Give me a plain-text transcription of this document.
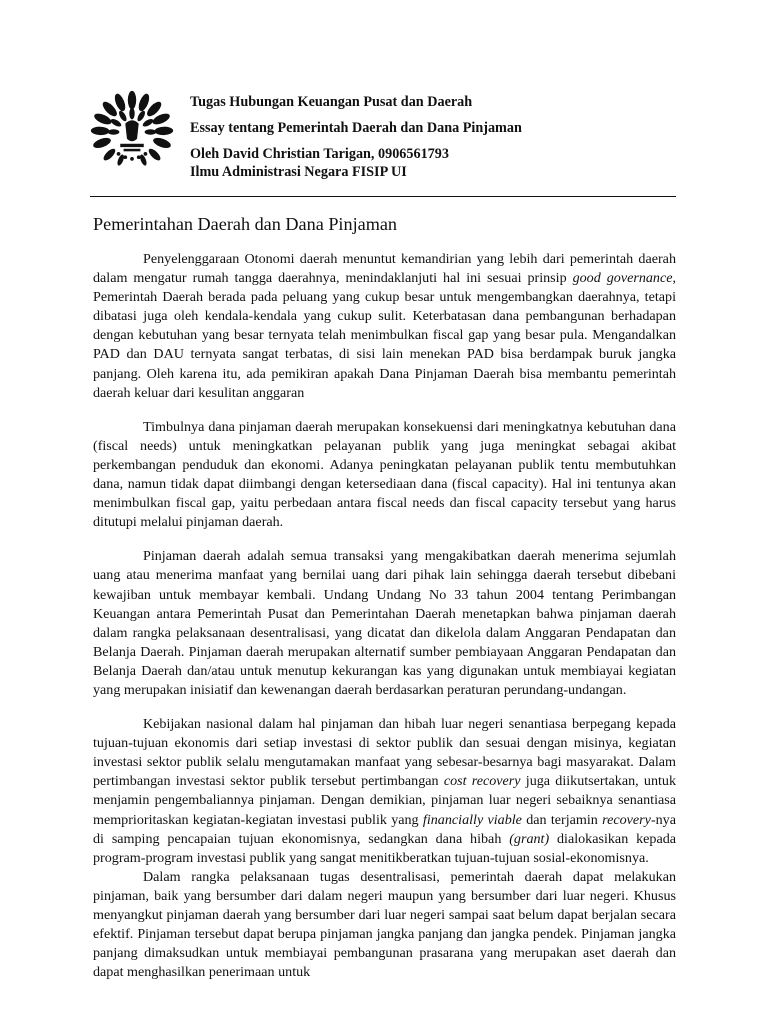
Tugas Hubungan Keuangan Pusat dan Daerah
Essay tentang Pemerintah Daerah dan Dana Pinjaman
Oleh David Christian Tarigan, 0906561793
Ilmu Administrasi Negara FISIP UI
Pemerintahan Daerah dan Dana Pinjaman

Penyelenggaraan Otonomi daerah menuntut kemandirian yang lebih dari pemerintah daerah dalam mengatur rumah tangga daerahnya, menindaklanjuti hal ini sesuai prinsip good governance, Pemerintah Daerah berada pada peluang yang cukup besar untuk mengembangkan daerahnya, tetapi dibatasi juga oleh kendala-kendala yang cukup sulit. Keterbatasan dana pembangunan berhadapan dengan kebutuhan yang besar ternyata telah menimbulkan fiscal gap yang besar pula. Mengandalkan PAD dan DAU ternyata sangat terbatas, di sisi lain menekan PAD bisa berdampak buruk jangka panjang. Oleh karena itu, ada pemikiran apakah Dana Pinjaman Daerah bisa membantu pemerintah daerah keluar dari kesulitan anggaran

Timbulnya dana pinjaman daerah merupakan konsekuensi dari meningkatnya kebutuhan dana (fiscal needs) untuk meningkatkan pelayanan publik yang juga meningkat sebagai akibat perkembangan penduduk dan ekonomi. Adanya peningkatan pelayanan publik tentu membutuhkan dana, namun tidak dapat diimbangi dengan ketersediaan dana (fiscal capacity). Hal ini tentunya akan menimbulkan fiscal gap, yaitu perbedaan antara fiscal needs dan fiscal capacity tersebut yang harus ditutupi melalui pinjaman daerah.

Pinjaman daerah adalah semua transaksi yang mengakibatkan daerah menerima sejumlah uang atau menerima manfaat yang bernilai uang dari pihak lain sehingga daerah tersebut dibebani kewajiban untuk membayar kembali. Undang Undang No 33 tahun 2004 tentang Perimbangan Keuangan antara Pemerintah Pusat dan Pemerintahan Daerah menetapkan bahwa pinjaman daerah dalam rangka pelaksanaan desentralisasi, yang dicatat dan dikelola dalam Anggaran Pendapatan dan Belanja Daerah. Pinjaman daerah merupakan alternatif sumber pembiayaan Anggaran Pendapatan dan Belanja Daerah dan/atau untuk menutup kekurangan kas yang digunakan untuk membiayai kegiatan yang merupakan inisiatif dan kewenangan daerah berdasarkan peraturan perundang-undangan.

Kebijakan nasional dalam hal pinjaman dan hibah luar negeri senantiasa berpegang kepada tujuan-tujuan ekonomis dari setiap investasi di sektor publik dan sesuai dengan misinya, kegiatan investasi sektor publik selalu mengutamakan manfaat yang sebesar-besarnya bagi masyarakat. Dalam pertimbangan investasi sektor publik tersebut pertimbangan cost recovery juga diikutsertakan, untuk menjamin pengembaliannya pinjaman. Dengan demikian, pinjaman luar negeri sebaiknya senantiasa memprioritaskan kegiatan-kegiatan investasi publik yang financially viable dan terjamin recovery-nya di samping pencapaian tujuan ekonomisnya, sedangkan dana hibah (grant) dialokasikan kepada program-program investasi publik yang sangat menitikberatkan tujuan-tujuan sosial-ekonomisnya.

Dalam rangka pelaksanaan tugas desentralisasi, pemerintah daerah dapat melakukan pinjaman, baik yang bersumber dari dalam negeri maupun yang bersumber dari luar negeri. Khusus menyangkut pinjaman daerah yang bersumber dari luar negeri sampai saat belum dapat berjalan secara efektif. Pinjaman tersebut dapat berupa pinjaman jangka panjang dan jangka pendek. Pinjaman jangka panjang dimaksudkan untuk membiayai pembangunan prasarana yang merupakan aset daerah dan dapat menghasilkan penerimaan untuk
